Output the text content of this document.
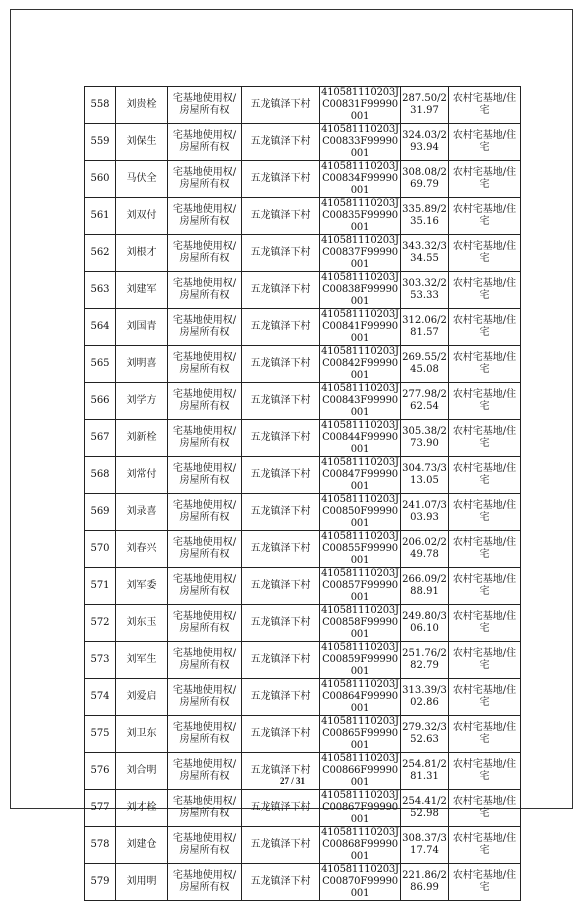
558	刘贵栓	宅基地使用权/房屋所有权	五龙镇泽下村	410581110203JC00831F99990001	287.50/231.97	农村宅基地/住宅
559	刘保生	宅基地使用权/房屋所有权	五龙镇泽下村	410581110203JC00833F99990001	324.03/293.94	农村宅基地/住宅
560	马伏全	宅基地使用权/房屋所有权	五龙镇泽下村	410581110203JC00834F99990001	308.08/269.79	农村宅基地/住宅
561	刘双付	宅基地使用权/房屋所有权	五龙镇泽下村	410581110203JC00835F99990001	335.89/235.16	农村宅基地/住宅
562	刘根才	宅基地使用权/房屋所有权	五龙镇泽下村	410581110203JC00837F99990001	343.32/334.55	农村宅基地/住宅
563	刘建军	宅基地使用权/房屋所有权	五龙镇泽下村	410581110203JC00838F99990001	303.32/253.33	农村宅基地/住宅
564	刘国青	宅基地使用权/房屋所有权	五龙镇泽下村	410581110203JC00841F99990001	312.06/281.57	农村宅基地/住宅
565	刘明喜	宅基地使用权/房屋所有权	五龙镇泽下村	410581110203JC00842F99990001	269.55/245.08	农村宅基地/住宅
566	刘学方	宅基地使用权/房屋所有权	五龙镇泽下村	410581110203JC00843F99990001	277.98/262.54	农村宅基地/住宅
567	刘新栓	宅基地使用权/房屋所有权	五龙镇泽下村	410581110203JC00844F99990001	305.38/273.90	农村宅基地/住宅
568	刘常付	宅基地使用权/房屋所有权	五龙镇泽下村	410581110203JC00847F99990001	304.73/313.05	农村宅基地/住宅
569	刘录喜	宅基地使用权/房屋所有权	五龙镇泽下村	410581110203JC00850F99990001	241.07/303.93	农村宅基地/住宅
570	刘春兴	宅基地使用权/房屋所有权	五龙镇泽下村	410581110203JC00855F99990001	206.02/249.78	农村宅基地/住宅
571	刘军委	宅基地使用权/房屋所有权	五龙镇泽下村	410581110203JC00857F99990001	266.09/288.91	农村宅基地/住宅
572	刘东玉	宅基地使用权/房屋所有权	五龙镇泽下村	410581110203JC00858F99990001	249.80/306.10	农村宅基地/住宅
573	刘军生	宅基地使用权/房屋所有权	五龙镇泽下村	410581110203JC00859F99990001	251.76/282.79	农村宅基地/住宅
574	刘爱启	宅基地使用权/房屋所有权	五龙镇泽下村	410581110203JC00864F99990001	313.39/302.86	农村宅基地/住宅
575	刘卫东	宅基地使用权/房屋所有权	五龙镇泽下村	410581110203JC00865F99990001	279.32/352.63	农村宅基地/住宅
576	刘合明	宅基地使用权/房屋所有权	五龙镇泽下村	410581110203JC00866F99990001	254.81/281.31	农村宅基地/住宅
577	刘才栓	宅基地使用权/房屋所有权	五龙镇泽下村	410581110203JC00867F99990001	254.41/252.98	农村宅基地/住宅
578	刘建仓	宅基地使用权/房屋所有权	五龙镇泽下村	410581110203JC00868F99990001	308.37/317.74	农村宅基地/住宅
579	刘用明	宅基地使用权/房屋所有权	五龙镇泽下村	410581110203JC00870F99990001	221.86/286.99	农村宅基地/住宅
27 / 31
